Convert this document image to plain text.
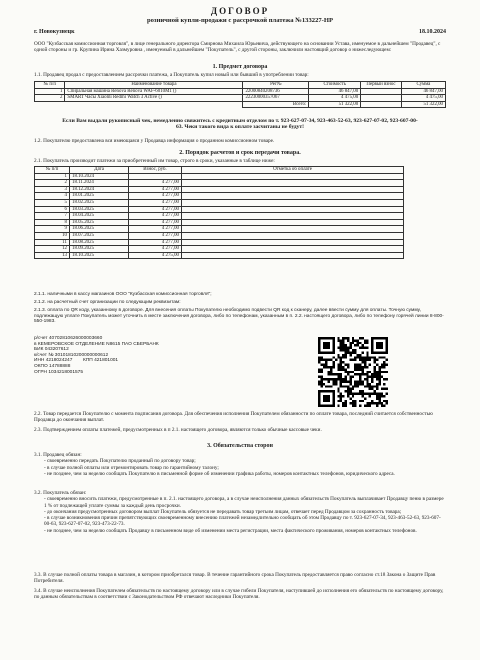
ДОГОВОР
розничной купли-продажи с рассрочкой платежа №133227-НР
г. Новокузнецк	18.10.2024
ООО "Кузбасская комиссионная торговля", в лице генерального директора Смирнова Михаила Юрьевича, действующего на основании Устава, именуемое в дальнейшем "Продавец", с одной стороны и гр. Крупина Ирина Хазмуровна , именуемый в дальнейшем "Покупатель", с другой стороны, заключили настоящий договор о нижеследующем:
1. Предмет договора
1.1. Продавец продал с предоставлением рассрочки платежа, а Покупатель купил новый или бывший в употреблении товар:
№ п/п	Наименование товара	Рег№	Стоимость	Первый взнос	Сумма
1	Спиральная машина Renova Renova WAF-6010M1 ()	22000840208736	46 847,00		46 847,00
2	SMART Часы Xiaomi Redmi Watch 3 Active ()	22230000357067	4 475,00		4 475,00
		Всего:	51 322,00		51 322,00
Если Вам выдали рукописный чек, немедленно свяжитесь с кредитным отделом по т. 923-627-07-34, 923-463-52-63, 923-627-07-02, 923-607-00-63. Чеки такого вида к оплате засчитаны не будут!
1.2. Покупателю предоставлена вся имеющаяся у Продавца информация о проданном комиссионном товаре.
2. Порядок расчетов и срок передачи товара.
2.1. Покупатель производит платежи за приобретенный им товар, строго в сроки, указанные в таблице ниже:
№ п/п	Дата	Взнос, руб.	Отметка об оплате
1	18.10.2024		
2	18.11.2024	4 277,00	
3	18.12.2024	4 277,00	
4	18.01.2025	4 277,00	
5	18.02.2025	4 277,00	
6	18.03.2025	4 277,00	
7	18.04.2025	4 277,00	
8	18.05.2025	4 277,00	
9	18.06.2025	4 277,00	
10	18.07.2025	4 277,00	
11	18.08.2025	4 277,00	
12	18.09.2025	4 277,00	
13	18.10.2025	4 275,00	
2.1.1. наличными в кассу магазинов ООО "Кузбасская комиссионная торговля";
2.1.2. на расчетный счет организации по следующим реквизитам:
2.1.3. оплата по QR коду, указанному в договоре. Для внесения оплаты Покупателю необходимо подвести QR код к сканеру, далее ввести сумму для оплаты. Точную сумму, подлежащую уплате Покупатель может уточнить в месте заключения договора, либо по телефонам, указанным в п. 2.2. настоящего договора, либо по телефону горячей линии 8-800-550-1983.

р/счет 40702810626000003660

в КЕМЕРОВСКОЕ ОТДЕЛЕНИЕ N8615 ПАО СБЕРБАНК

БИК 043207612

к/счет № 30101810200000000612

ИНН 4218024247        КПП 421801001

ОКПО 14788888

ОГРН 1034218001575

2.2. Товар передается Покупателю с момента подписания договора. Для обеспечения исполнения Покупателем обязанности по оплате товара, последний считается собственностью Продавца до окончания выплат.
2.3. Подтверждением оплаты платежей, предусмотренных в п 2.1. настоящего договора, являются только обычные кассовые чеки.
3. Обязательства сторон

3.1. Продавец обязан:

- своевременно передать Покупателю проданный по договору товар;

- в случае полной оплаты или отремонтировать товар по гарантийному талону;

- не позднее, чем за неделю сообщать Покупателю в письменной форме об изменении графика работы, номеров контактных телефонов, юридического адреса.

3.2. Покупатель обязан:

- своевременно вносить платежи, предусмотренные в п. 2.1. настоящего договора, а в случае неисполнения данных обязательств Покупатель выплачивает Продавцу пеню в размере 1 % от подлежащей уплате суммы за каждый день просрочки.

- до окончания предусмотренных договором выплат Покупатель обязуется не передавать товар третьим лицам, отвечает перед Продавцом за сохранность товара;

- в случае возникновения причин препятствующих своевременному внесению платежей незамедлительно сообщать об этом Продавцу по т. 923-627-07-34, 923-463-52-63, 923-607-00-63, 923-627-07-02, 923-473-22-73.

- не позднее, чем за неделю сообщать Продавцу в письменном виде об изменении места регистрации, места фактического проживания, номеров контактных телефонов.

3.3. В случае полной оплаты товара в магазин, в котором приобретался товар. В течение гарантийного срока Покупатель предоставляется право согласно ст.18 Закона о Защите Прав Потребителя.
3.4. В случае неисполнения Покупателем обязательств по настоящему договору или в случае гибели Покупателя, наступившей до исполнения его обязательств по настоящему договору, по данным обязательствам в соответствии с Законодательством РФ отвечают наследники Покупателя.
